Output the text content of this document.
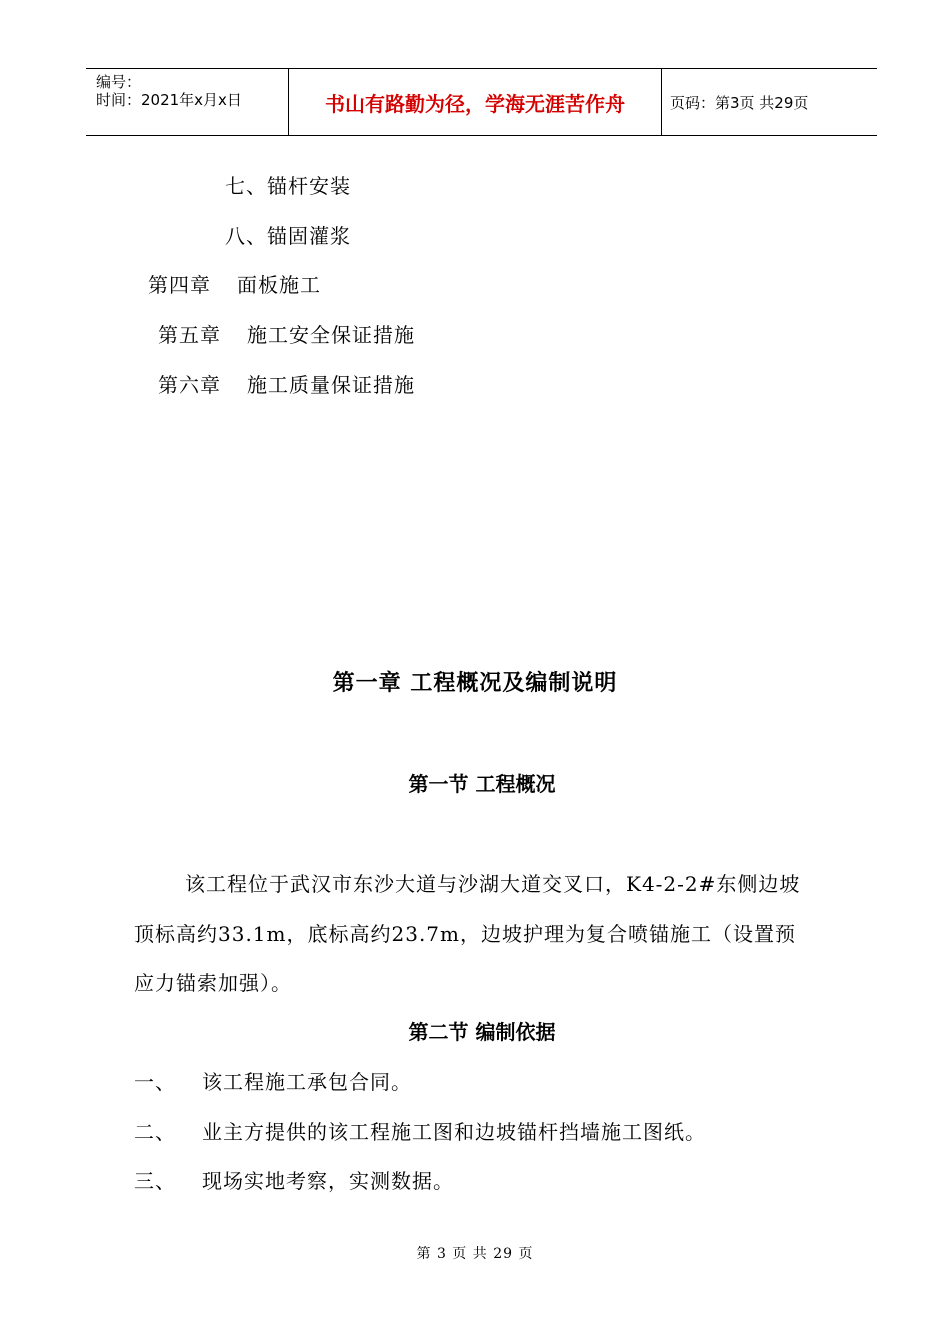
编号：
时间：2021年x月x日	书山有路勤为径，学海无涯苦作舟	页码：第3页 共29页
七、锚杆安装
八、锚固灌浆
第四章 面板施工
第五章 施工安全保证措施
第六章 施工质量保证措施
第一章 工程概况及编制说明
第一节 工程概况
该工程位于武汉市东沙大道与沙湖大道交叉口，K4-2-2#东侧边坡
顶标高约33.1m，底标高约23.7m，边坡护理为复合喷锚施工（设置预
应力锚索加强）。
第二节 编制依据
一、 该工程施工承包合同。
二、 业主方提供的该工程施工图和边坡锚杆挡墙施工图纸。
三、 现场实地考察，实测数据。
第 3 页 共 29 页
